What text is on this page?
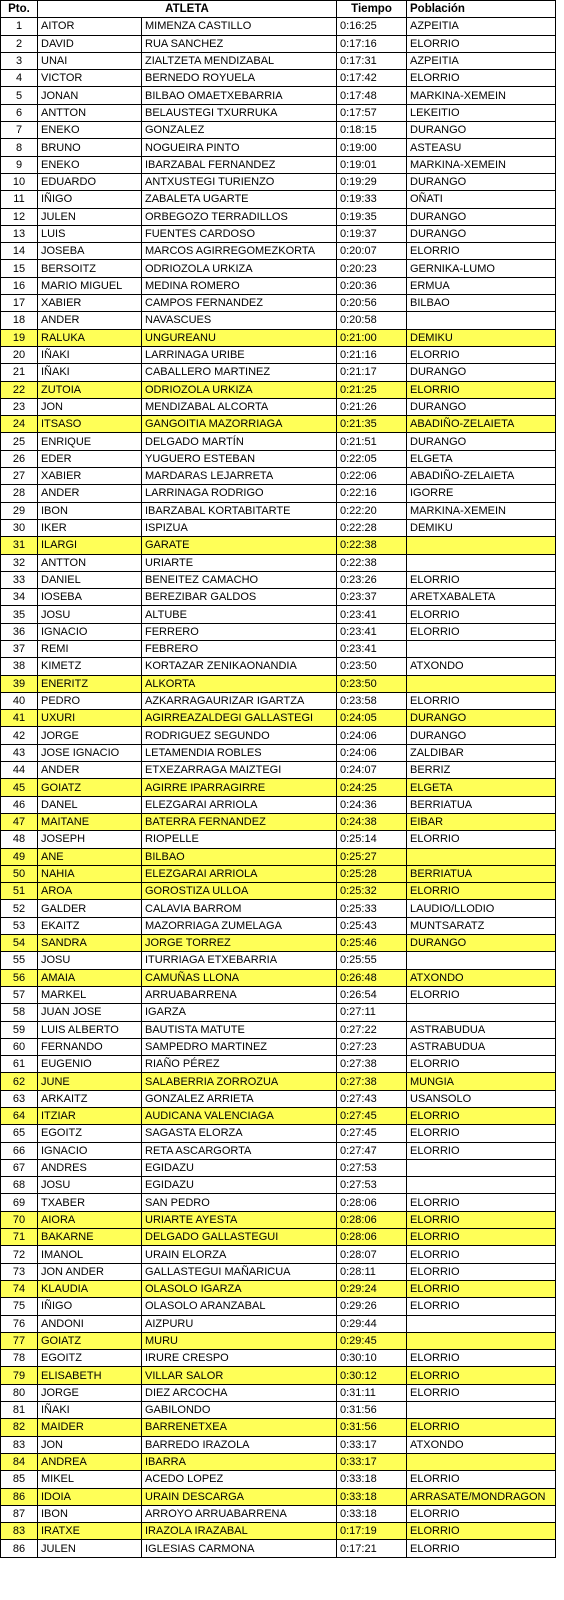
Pto.	ATLETA		Tiempo	Población
1	AITOR	MIMENZA CASTILLO	0:16:25	AZPEITIA
2	DAVID	RUA SANCHEZ	0:17:16	ELORRIO
3	UNAI	ZIALTZETA MENDIZABAL	0:17:31	AZPEITIA
4	VICTOR	BERNEDO ROYUELA	0:17:42	ELORRIO
5	JONAN	BILBAO OMAETXEBARRIA	0:17:48	MARKINA-XEMEIN
6	ANTTON	BELAUSTEGI TXURRUKA	0:17:57	LEKEITIO
7	ENEKO	GONZALEZ	0:18:15	DURANGO
8	BRUNO	NOGUEIRA PINTO	0:19:00	ASTEASU
9	ENEKO	IBARZABAL FERNANDEZ	0:19:01	MARKINA-XEMEIN
10	EDUARDO	ANTXUSTEGI TURIENZO	0:19:29	DURANGO
11	IÑIGO	ZABALETA UGARTE	0:19:33	OÑATI
12	JULEN	ORBEGOZO TERRADILLOS	0:19:35	DURANGO
13	LUIS	FUENTES CARDOSO	0:19:37	DURANGO
14	JOSEBA	MARCOS AGIRREGOMEZKORTA	0:20:07	ELORRIO
15	BERSOITZ	ODRIOZOLA URKIZA	0:20:23	GERNIKA-LUMO
16	MARIO MIGUEL	MEDINA ROMERO	0:20:36	ERMUA
17	XABIER	CAMPOS FERNANDEZ	0:20:56	BILBAO
18	ANDER	NAVASCUES	0:20:58	
19	RALUKA	UNGUREANU	0:21:00	DEMIKU
20	IÑAKI	LARRINAGA URIBE	0:21:16	ELORRIO
21	IÑAKI	CABALLERO MARTINEZ	0:21:17	DURANGO
22	ZUTOIA	ODRIOZOLA URKIZA	0:21:25	ELORRIO
23	JON	MENDIZABAL ALCORTA	0:21:26	DURANGO
24	ITSASO	GANGOITIA MAZORRIAGA	0:21:35	ABADIÑO-ZELAIETA
25	ENRIQUE	DELGADO MARTÍN	0:21:51	DURANGO
26	EDER	YUGUERO ESTEBAN	0:22:05	ELGETA
27	XABIER	MARDARAS LEJARRETA	0:22:06	ABADIÑO-ZELAIETA
28	ANDER	LARRINAGA RODRIGO	0:22:16	IGORRE
29	IBON	IBARZABAL KORTABITARTE	0:22:20	MARKINA-XEMEIN
30	IKER	ISPIZUA	0:22:28	DEMIKU
31	ILARGI	GARATE	0:22:38	
32	ANTTON	URIARTE	0:22:38	
33	DANIEL	BENEITEZ CAMACHO	0:23:26	ELORRIO
34	IOSEBA	BEREZIBAR GALDOS	0:23:37	ARETXABALETA
35	JOSU	ALTUBE	0:23:41	ELORRIO
36	IGNACIO	FERRERO	0:23:41	ELORRIO
37	REMI	FEBRERO	0:23:41	
38	KIMETZ	KORTAZAR ZENIKAONANDIA	0:23:50	ATXONDO
39	ENERITZ	ALKORTA	0:23:50	
40	PEDRO	AZKARRAGAURIZAR IGARTZA	0:23:58	ELORRIO
41	UXURI	AGIRREAZALDEGI GALLASTEGI	0:24:05	DURANGO
42	JORGE	RODRIGUEZ SEGUNDO	0:24:06	DURANGO
43	JOSE IGNACIO	LETAMENDIA ROBLES	0:24:06	ZALDIBAR
44	ANDER	ETXEZARRAGA MAIZTEGI	0:24:07	BERRIZ
45	GOIATZ	AGIRRE IPARRAGIRRE	0:24:25	ELGETA
46	DANEL	ELEZGARAI ARRIOLA	0:24:36	BERRIATUA
47	MAITANE	BATERRA FERNANDEZ	0:24:38	EIBAR
48	JOSEPH	RIOPELLE	0:25:14	ELORRIO
49	ANE	BILBAO	0:25:27	
50	NAHIA	ELEZGARAI ARRIOLA	0:25:28	BERRIATUA
51	AROA	GOROSTIZA ULLOA	0:25:32	ELORRIO
52	GALDER	CALAVIA BARROM	0:25:33	LAUDIO/LLODIO
53	EKAITZ	MAZORRIAGA ZUMELAGA	0:25:43	MUNTSARATZ
54	SANDRA	JORGE TORREZ	0:25:46	DURANGO
55	JOSU	ITURRIAGA ETXEBARRIA	0:25:55	
56	AMAIA	CAMUÑAS LLONA	0:26:48	ATXONDO
57	MARKEL	ARRUABARRENA	0:26:54	ELORRIO
58	JUAN JOSE	IGARZA	0:27:11	
59	LUIS ALBERTO	BAUTISTA MATUTE	0:27:22	ASTRABUDUA
60	FERNANDO	SAMPEDRO MARTINEZ	0:27:23	ASTRABUDUA
61	EUGENIO	RIAÑO PÉREZ	0:27:38	ELORRIO
62	JUNE	SALABERRIA ZORROZUA	0:27:38	MUNGIA
63	ARKAITZ	GONZALEZ ARRIETA	0:27:43	USANSOLO
64	ITZIAR	AUDICANA VALENCIAGA	0:27:45	ELORRIO
65	EGOITZ	SAGASTA ELORZA	0:27:45	ELORRIO
66	IGNACIO	RETA ASCARGORTA	0:27:47	ELORRIO
67	ANDRES	EGIDAZU	0:27:53	
68	JOSU	EGIDAZU	0:27:53	
69	TXABER	SAN PEDRO	0:28:06	ELORRIO
70	AIORA	URIARTE AYESTA	0:28:06	ELORRIO
71	BAKARNE	DELGADO GALLASTEGUI	0:28:06	ELORRIO
72	IMANOL	URAIN ELORZA	0:28:07	ELORRIO
73	JON ANDER	GALLASTEGUI MAÑARICUA	0:28:11	ELORRIO
74	KLAUDIA	OLASOLO IGARZA	0:29:24	ELORRIO
75	IÑIGO	OLASOLO ARANZABAL	0:29:26	ELORRIO
76	ANDONI	AIZPURU	0:29:44	
77	GOIATZ	MURU	0:29:45	
78	EGOITZ	IRURE CRESPO	0:30:10	ELORRIO
79	ELISABETH	VILLAR SALOR	0:30:12	ELORRIO
80	JORGE	DIEZ ARCOCHA	0:31:11	ELORRIO
81	IÑAKI	GABILONDO	0:31:56	
82	MAIDER	BARRENETXEA	0:31:56	ELORRIO
83	JON	BARREDO IRAZOLA	0:33:17	ATXONDO
84	ANDREA	IBARRA	0:33:17	
85	MIKEL	ACEDO LOPEZ	0:33:18	ELORRIO
86	IDOIA	URAIN DESCARGA	0:33:18	ARRASATE/MONDRAGON
87	IBON	ARROYO ARRUABARRENA	0:33:18	ELORRIO
83	IRATXE	IRAZOLA IRAZABAL	0:17:19	ELORRIO
86	JULEN	IGLESIAS CARMONA	0:17:21	ELORRIO
